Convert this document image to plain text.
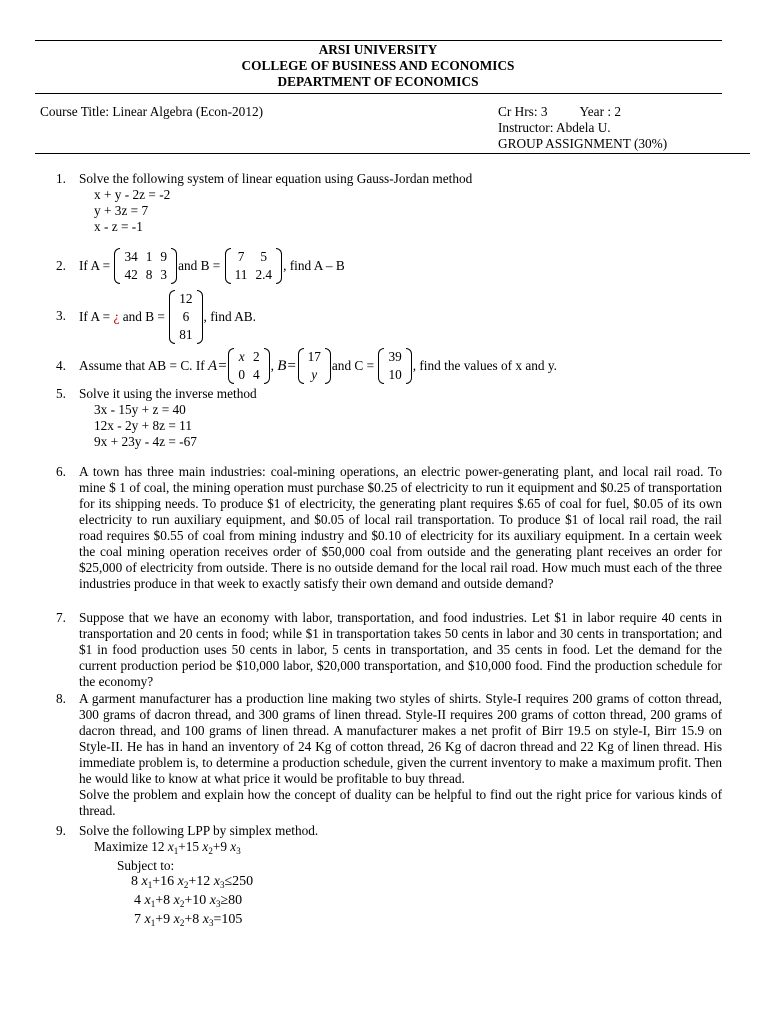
ARSI UNIVERSITY
COLLEGE OF BUSINESS AND ECONOMICS
DEPARTMENT OF ECONOMICS
Course Title: Linear Algebra (Econ-2012)	Cr Hrs: 3 Year : 2
Instructor: Abdela U.
GROUP ASSIGNMENT (30%)
1. Solve the following system of linear equation using Gauss-Jordan method
x + y - 2z = -2
y + 3z = 7
x - z = -1
2. If A =

34	1	9
42	8	3
and B =

7	5
11	2.4
, find A – B
3. If A =
¿
and B =

12
6
81
, find AB.
4. Assume that AB = C. If
A=
x	2
0	4
,
B=
17
y
and C =

39
10
, find the values of x and y.
5. Solve it using the inverse method
3x - 15y + z = 40
12x - 2y + 8z = 11
9x + 23y - 4z = -67
6. A town has three main industries: coal-mining operations, an electric power-generating plant, and local rail road. To mine $ 1 of coal, the mining operation must purchase $0.25 of electricity to run it equipment and $0.25 of transportation for its shipping needs. To produce $1 of electricity, the generating plant requires $.65 of coal for fuel, $0.05 of its own electricity to run auxiliary equipment, and $0.05 of local rail transportation. To produce $1 of local rail road, the rail road requires $0.55 of coal from mining industry and $0.10 of electricity for its auxiliary equipment. In a certain week the coal mining operation receives order of $50,000 coal from outside and the generating plant receives an order for $25,000 of electricity from outside. There is no outside demand for the local rail road. How much must each of the three industries produce in that week to exactly satisfy their own demand and outside demand?
7. Suppose that we have an economy with labor, transportation, and food industries. Let $1 in labor require 40 cents in transportation and 20 cents in food; while $1 in transportation takes 50 cents in labor and 30 cents in transportation; and $1 in food production uses 50 cents in labor, 5 cents in transportation, and 35 cents in food. Let the demand for the current production period be $10,000 labor, $20,000 transportation, and $10,000 food. Find the production schedule for the economy?
8. A garment manufacturer has a production line making two styles of shirts. Style-I requires 200 grams of cotton thread, 300 grams of dacron thread, and 300 grams of linen thread. Style-II requires 200 grams of cotton thread, 200 grams of dacron thread, and 100 grams of linen thread. A manufacturer makes a net profit of Birr 19.5 on style-I, Birr 15.9 on Style-II. He has in hand an inventory of 24 Kg of cotton thread, 26 Kg of dacron thread and 22 Kg of linen thread. His immediate problem is, to determine a production schedule, given the current inventory to make a maximum profit. Then he would like to know at what price it would be profitable to buy thread.
Solve the problem and explain how the concept of duality can be helpful to find out the right price for various kinds of thread.
9. Solve the following LPP by simplex method.
Maximize 12 $x_1+15$ $x_2+9$ $x_3$
Subject to:
8 $x_1+16$ $x_2+12$ $x_3\le 250$
4 $x_1+8$ $x_2+10$ $x_3\ge 80$
7 $x_1+9$ $x_2+8$ $x_3=105$
